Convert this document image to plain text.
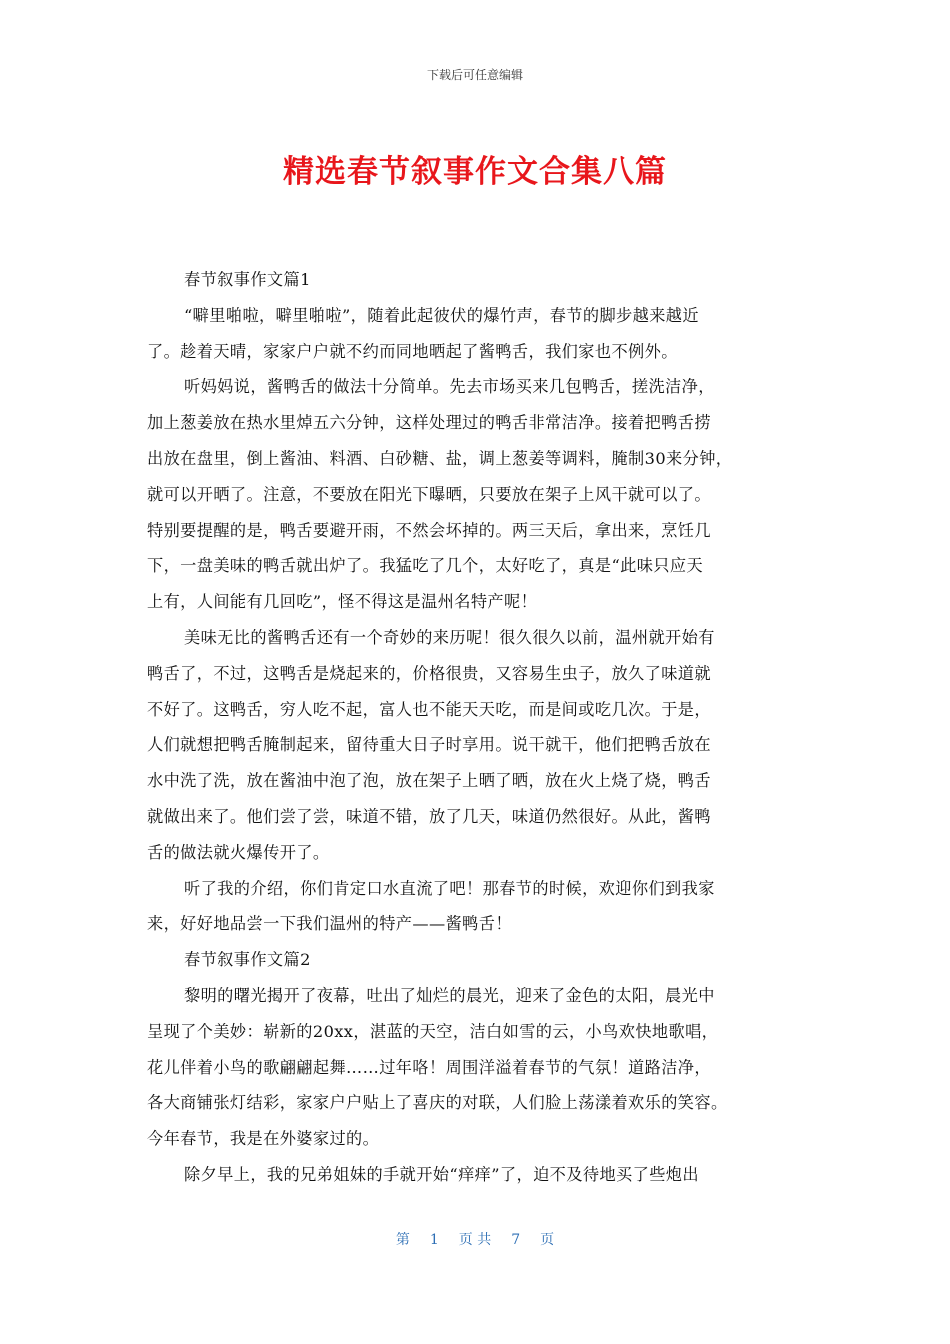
下载后可任意编辑
精选春节叙事作文合集八篇
春节叙事作文篇1
“噼里啪啦，噼里啪啦”，随着此起彼伏的爆竹声，春节的脚步越来越近
了。趁着天晴，家家户户就不约而同地晒起了酱鸭舌，我们家也不例外。
听妈妈说，酱鸭舌的做法十分简单。先去市场买来几包鸭舌，搓洗洁净，
加上葱姜放在热水里焯五六分钟，这样处理过的鸭舌非常洁净。接着把鸭舌捞
出放在盘里，倒上酱油、料酒、白砂糖、盐，调上葱姜等调料，腌制30来分钟，
就可以开晒了。注意，不要放在阳光下曝晒，只要放在架子上风干就可以了。
特别要提醒的是，鸭舌要避开雨，不然会坏掉的。两三天后，拿出来，烹饪几
下，一盘美味的鸭舌就出炉了。我猛吃了几个，太好吃了，真是“此味只应天
上有，人间能有几回吃”，怪不得这是温州名特产呢！
美味无比的酱鸭舌还有一个奇妙的来历呢！很久很久以前，温州就开始有
鸭舌了，不过，这鸭舌是烧起来的，价格很贵，又容易生虫子，放久了味道就
不好了。这鸭舌，穷人吃不起，富人也不能天天吃，而是间或吃几次。于是，
人们就想把鸭舌腌制起来，留待重大日子时享用。说干就干，他们把鸭舌放在
水中洗了洗，放在酱油中泡了泡，放在架子上晒了晒，放在火上烧了烧，鸭舌
就做出来了。他们尝了尝，味道不错，放了几天，味道仍然很好。从此，酱鸭
舌的做法就火爆传开了。
听了我的介绍，你们肯定口水直流了吧！那春节的时候，欢迎你们到我家
来，好好地品尝一下我们温州的特产——酱鸭舌！
春节叙事作文篇2
黎明的曙光揭开了夜幕，吐出了灿烂的晨光，迎来了金色的太阳，晨光中
呈现了个美妙：崭新的20xx，湛蓝的天空，洁白如雪的云，小鸟欢快地歌唱，
花儿伴着小鸟的歌翩翩起舞……过年咯！周围洋溢着春节的气氛！道路洁净，
各大商铺张灯结彩，家家户户贴上了喜庆的对联，人们脸上荡漾着欢乐的笑容。
今年春节，我是在外婆家过的。
除夕早上，我的兄弟姐妹的手就开始“痒痒”了，迫不及待地买了些炮出
第 1 页 共 7 页
